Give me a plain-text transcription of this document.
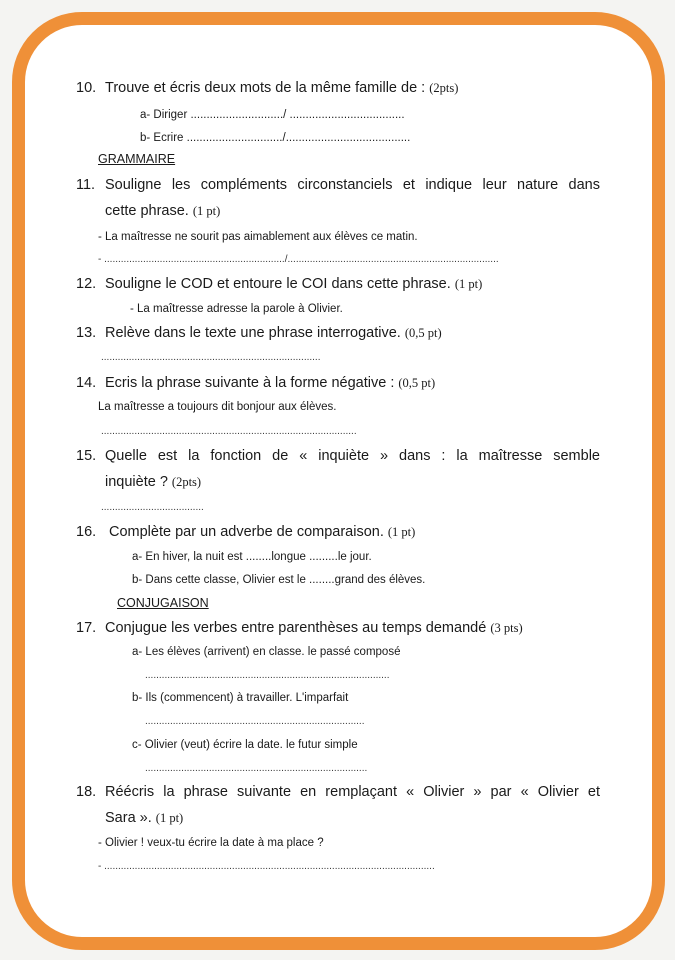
10. Trouve et écris deux mots de la même famille de : (2pts)
a- Diriger ............................./ ....................................
b- Ecrire ............................../.......................................
GRAMMAIRE
11. Souligne les compléments circonstanciels et indique leur nature dans
cette phrase. (1 pt)
- La maîtresse ne sourit pas aimablement aux élèves ce matin.
- ................................................................./............................................................................
12. Souligne le COD et entoure le COI dans cette phrase. (1 pt)
- La maîtresse adresse la parole à Olivier.
13. Relève dans le texte une phrase interrogative. (0,5 pt)
...............................................................................
14. Ecris la phrase suivante à la forme négative : (0,5 pt)
La maîtresse a toujours dit bonjour aux élèves.
............................................................................................
15. Quelle est la fonction de « inquiète » dans : la maîtresse semble
inquiète ? (2pts)
.....................................
16. Complète par un adverbe de comparaison. (1 pt)
a- En hiver, la nuit est ........longue .........le jour.
b- Dans cette classe, Olivier est le ........grand des élèves.
CONJUGAISON
17. Conjugue les verbes entre parenthèses au temps demandé (3 pts)
a- Les élèves (arrivent) en classe. le passé composé
........................................................................................
b- Ils (commencent) à travailler. L'imparfait
...............................................................................
c- Olivier (veut) écrire la date. le futur simple
................................................................................
18. Réécris la phrase suivante en remplaçant « Olivier » par « Olivier et
Sara ». (1 pt)
- Olivier ! veux-tu écrire la date à ma place ?
- .......................................................................................................................
